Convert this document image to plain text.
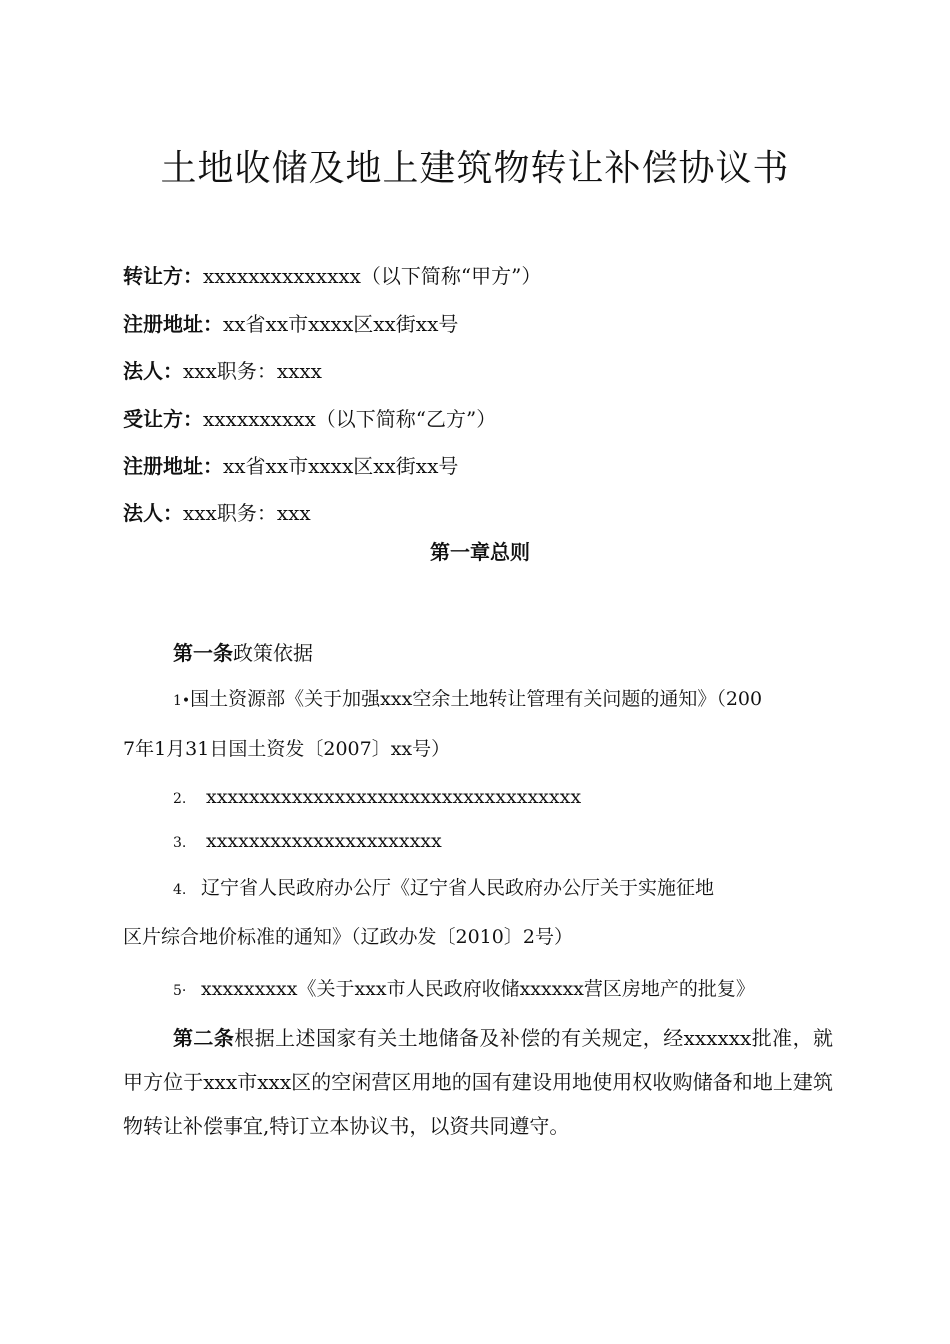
土地收储及地上建筑物转让补偿协议书
转让方：xxxxxxxxxxxxxx（以下简称“甲方”）
注册地址：xx省xx市xxxx区xx街xx号
法人：xxx职务：xxxx
受让方：xxxxxxxxxx（以下简称“乙方”）
注册地址：xx省xx市xxxx区xx街xx号
法人：xxx职务：xxx
第一章总则
第一条政策依据
1•国土资源部《关于加强xxx空余土地转让管理有关问题的通知》（200
7年1月31日国土资发〔2007〕xx号）
2. xxxxxxxxxxxxxxxxxxxxxxxxxxxxxxxxxxx
3. xxxxxxxxxxxxxxxxxxxxxx
4. 辽宁省人民政府办公厅《辽宁省人民政府办公厅关于实施征地
区片综合地价标准的通知》（辽政办发〔2010〕2号）
5· xxxxxxxxx《关于xxx市人民政府收储xxxxxx营区房地产的批复》
第二条根据上述国家有关土地储备及补偿的有关规定，经xxxxxx批准，就甲方位于xxx市xxx区的空闲营区用地的国有建设用地使用权收购储备和地上建筑物转让补偿事宜,特订立本协议书，以资共同遵守。
